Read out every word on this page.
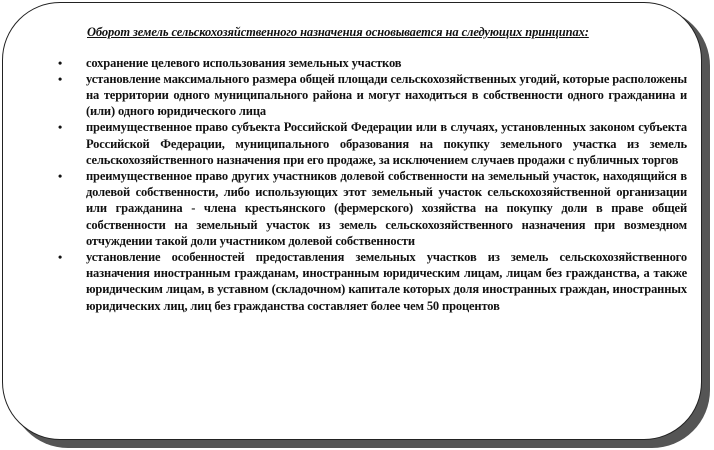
Оборот земель сельскохозяйственного назначения основывается на следующих принципах:

• сохранение целевого использования земельных участков
• установление максимального размера общей площади сельскохозяйственных угодий, которые расположены на территории одного муниципального района и могут находиться в собственности одного гражданина и (или) одного юридического лица
• преимущественное право субъекта Российской Федерации или в случаях, установленных законом субъекта Российской Федерации, муниципального образования на покупку земельного участка из земель сельскохозяйственного назначения при его продаже, за исключением случаев продажи с публичных торгов
• преимущественное право других участников долевой собственности на земельный участок, находящийся в долевой собственности, либо использующих этот земельный участок сельскохозяйственной организации или гражданина - члена крестьянского (фермерского) хозяйства на покупку доли в праве общей собственности на земельный участок из земель сельскохозяйственного назначения при возмездном отчуждении такой доли участником долевой собственности
• установление особенностей предоставления земельных участков из земель сельскохозяйственного назначения иностранным гражданам, иностранным юридическим лицам, лицам без гражданства, а также юридическим лицам, в уставном (складочном) капитале которых доля иностранных граждан, иностранных юридических лиц, лиц без гражданства составляет более чем 50 процентов
